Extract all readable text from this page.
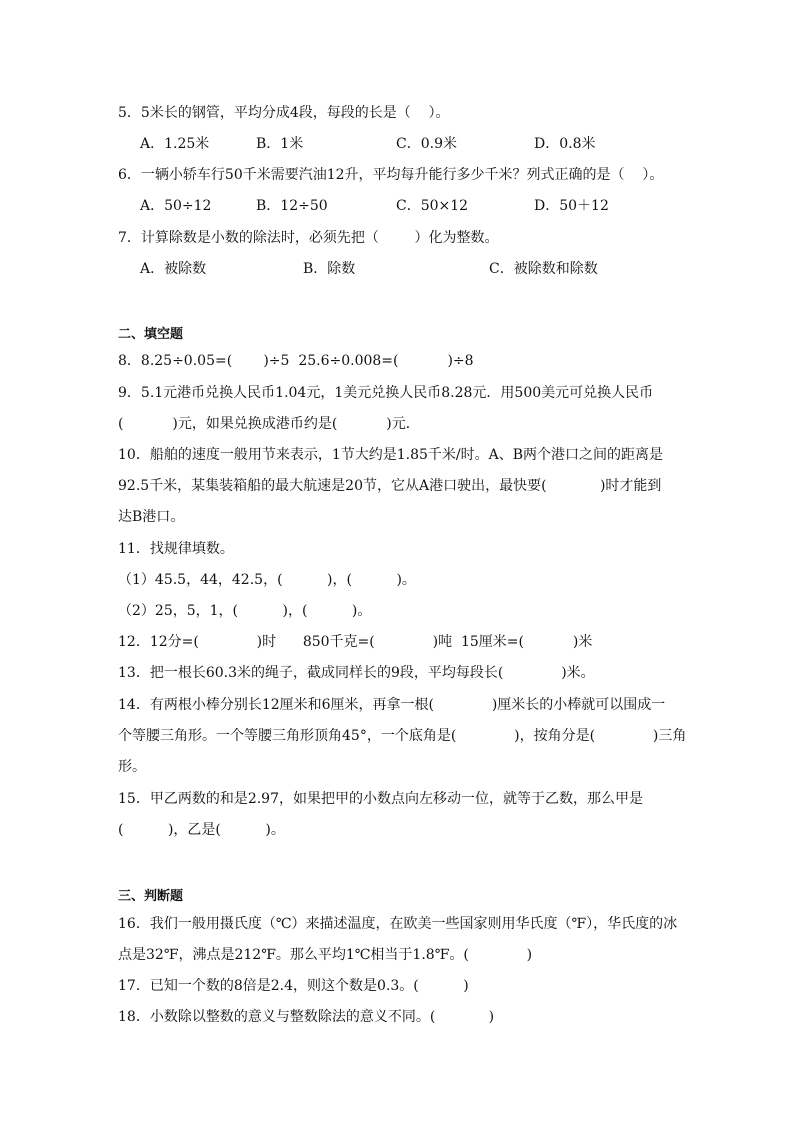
5．5米长的钢管，平均分成4段，每段的长是（    ）。
A．1.25米	B．1米	C．0.9米	D．0.8米
6．一辆小轿车行50千米需要汽油12升，平均每升能行多少千米？列式正确的是（    ）。
A．50÷12	B．12÷50	C．50×12	D．50＋12
7．计算除数是小数的除法时，必须先把（        ）化为整数。
A．被除数	B．除数	C．被除数和除数
二、填空题
8．8.25÷0.05=(       )÷5  25.6÷0.008=(           )÷8
9．5.1元港币兑换人民币1.04元，1美元兑换人民币8.28元．用500美元可兑换人民币
(           )元，如果兑换成港币约是(           )元．
10．船舶的速度一般用节来表示，1节大约是1.85千米/时。A、B两个港口之间的距离是
92.5千米，某集装箱船的最大航速是20节，它从A港口驶出，最快要(            )时才能到
达B港口。
11．找规律填数。
（1）45.5，44，42.5，(          )，(          )。
（2）25，5，1，(          )，(          )。
12．12分=(             )时      850千克=(             )吨  15厘米=(           )米
13．把一根长60.3米的绳子，截成同样长的9段，平均每段长(             )米。
14．有两根小棒分别长12厘米和6厘米，再拿一根(             )厘米长的小棒就可以围成一
个等腰三角形。一个等腰三角形顶角45°，一个底角是(             )，按角分是(             )三角
形。
15．甲乙两数的和是2.97，如果把甲的小数点向左移动一位，就等于乙数，那么甲是
(          )，乙是(          )。
三、判断题
16．我们一般用摄氏度（℃）来描述温度，在欧美一些国家则用华氏度（℉），华氏度的冰
点是32℉，沸点是212℉。那么平均1℃相当于1.8℉。(             )
17．已知一个数的8倍是2.4，则这个数是0.3。(          )
18．小数除以整数的意义与整数除法的意义不同。(            )
